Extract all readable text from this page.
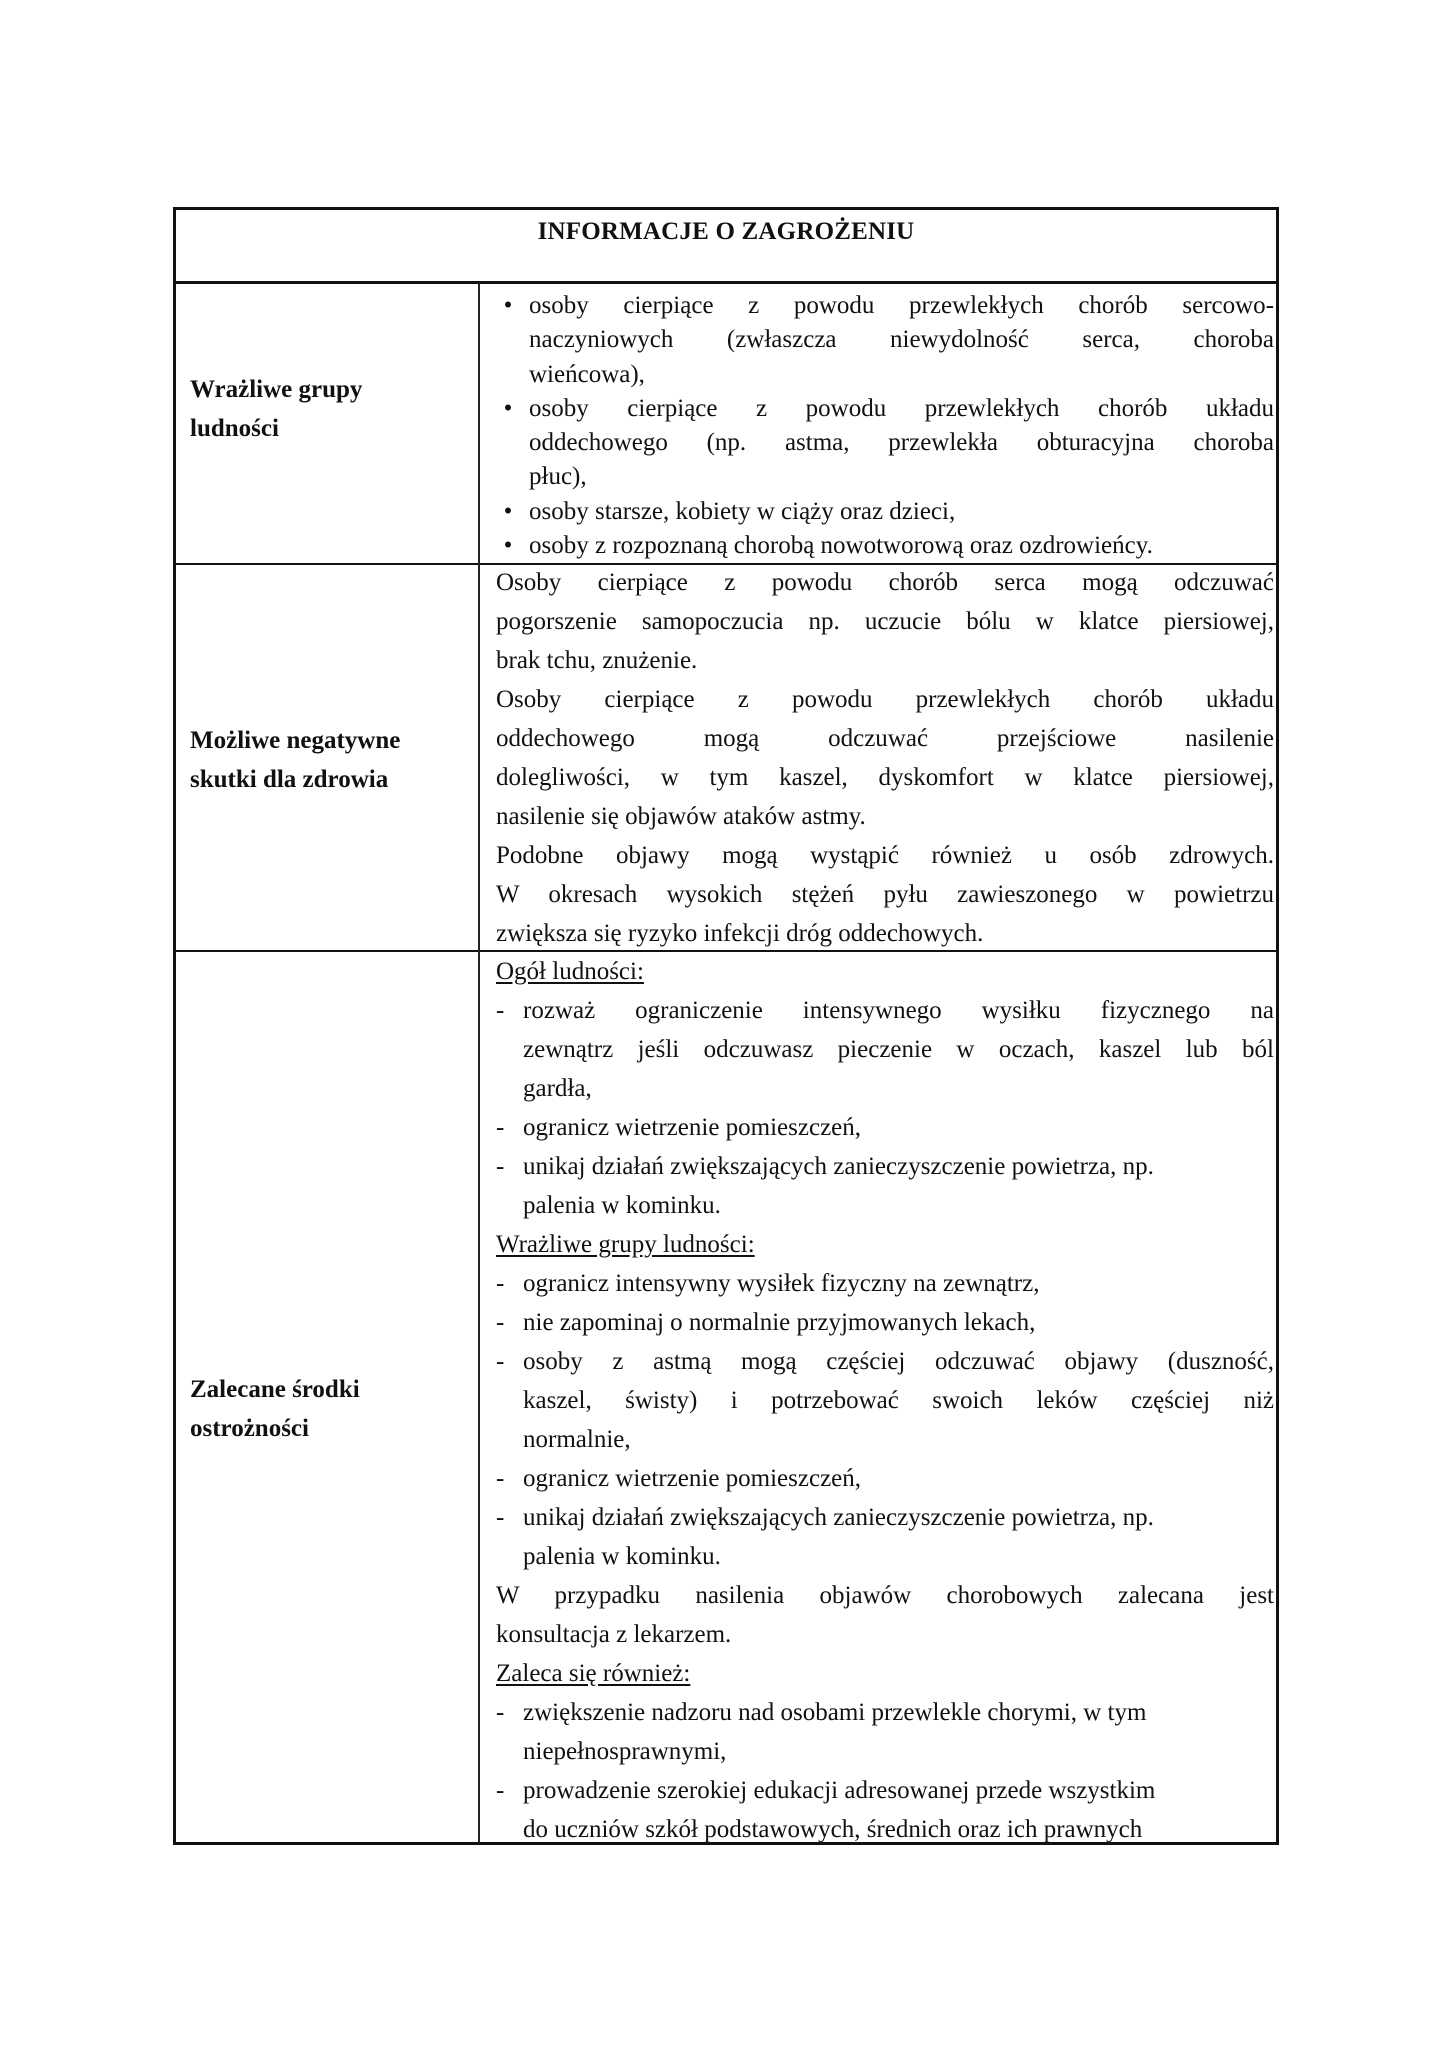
INFORMACJE O ZAGROŻENIU
Wrażliwe grupy
ludności
• osoby cierpiące z powodu przewlekłych chorób sercowo-
naczyniowych (zwłaszcza niewydolność serca, choroba
wieńcowa),
• osoby cierpiące z powodu przewlekłych chorób układu
oddechowego (np. astma, przewlekła obturacyjna choroba
płuc),
• osoby starsze, kobiety w ciąży oraz dzieci,
• osoby z rozpoznaną chorobą nowotworową oraz ozdrowieńcy.
Możliwe negatywne
skutki dla zdrowia
Osoby cierpiące z powodu chorób serca mogą odczuwać
pogorszenie samopoczucia np. uczucie bólu w klatce piersiowej,
brak tchu, znużenie.
Osoby cierpiące z powodu przewlekłych chorób układu
oddechowego mogą odczuwać przejściowe nasilenie
dolegliwości, w tym kaszel, dyskomfort w klatce piersiowej,
nasilenie się objawów ataków astmy.
Podobne objawy mogą wystąpić również u osób zdrowych.
W okresach wysokich stężeń pyłu zawieszonego w powietrzu
zwiększa się ryzyko infekcji dróg oddechowych.
Zalecane środki
ostrożności
Ogół ludności:
- rozważ ograniczenie intensywnego wysiłku fizycznego na
zewnątrz jeśli odczuwasz pieczenie w oczach, kaszel lub ból
gardła,
- ogranicz wietrzenie pomieszczeń,
- unikaj działań zwiększających zanieczyszczenie powietrza, np.
palenia w kominku.
Wrażliwe grupy ludności:
- ogranicz intensywny wysiłek fizyczny na zewnątrz,
- nie zapominaj o normalnie przyjmowanych lekach,
- osoby z astmą mogą częściej odczuwać objawy (duszność,
kaszel, świsty) i potrzebować swoich leków częściej niż
normalnie,
- ogranicz wietrzenie pomieszczeń,
- unikaj działań zwiększających zanieczyszczenie powietrza, np.
palenia w kominku.
W przypadku nasilenia objawów chorobowych zalecana jest
konsultacja z lekarzem.
Zaleca się również:
- zwiększenie nadzoru nad osobami przewlekle chorymi, w tym
niepełnosprawnymi,
- prowadzenie szerokiej edukacji adresowanej przede wszystkim
do uczniów szkół podstawowych, średnich oraz ich prawnych
